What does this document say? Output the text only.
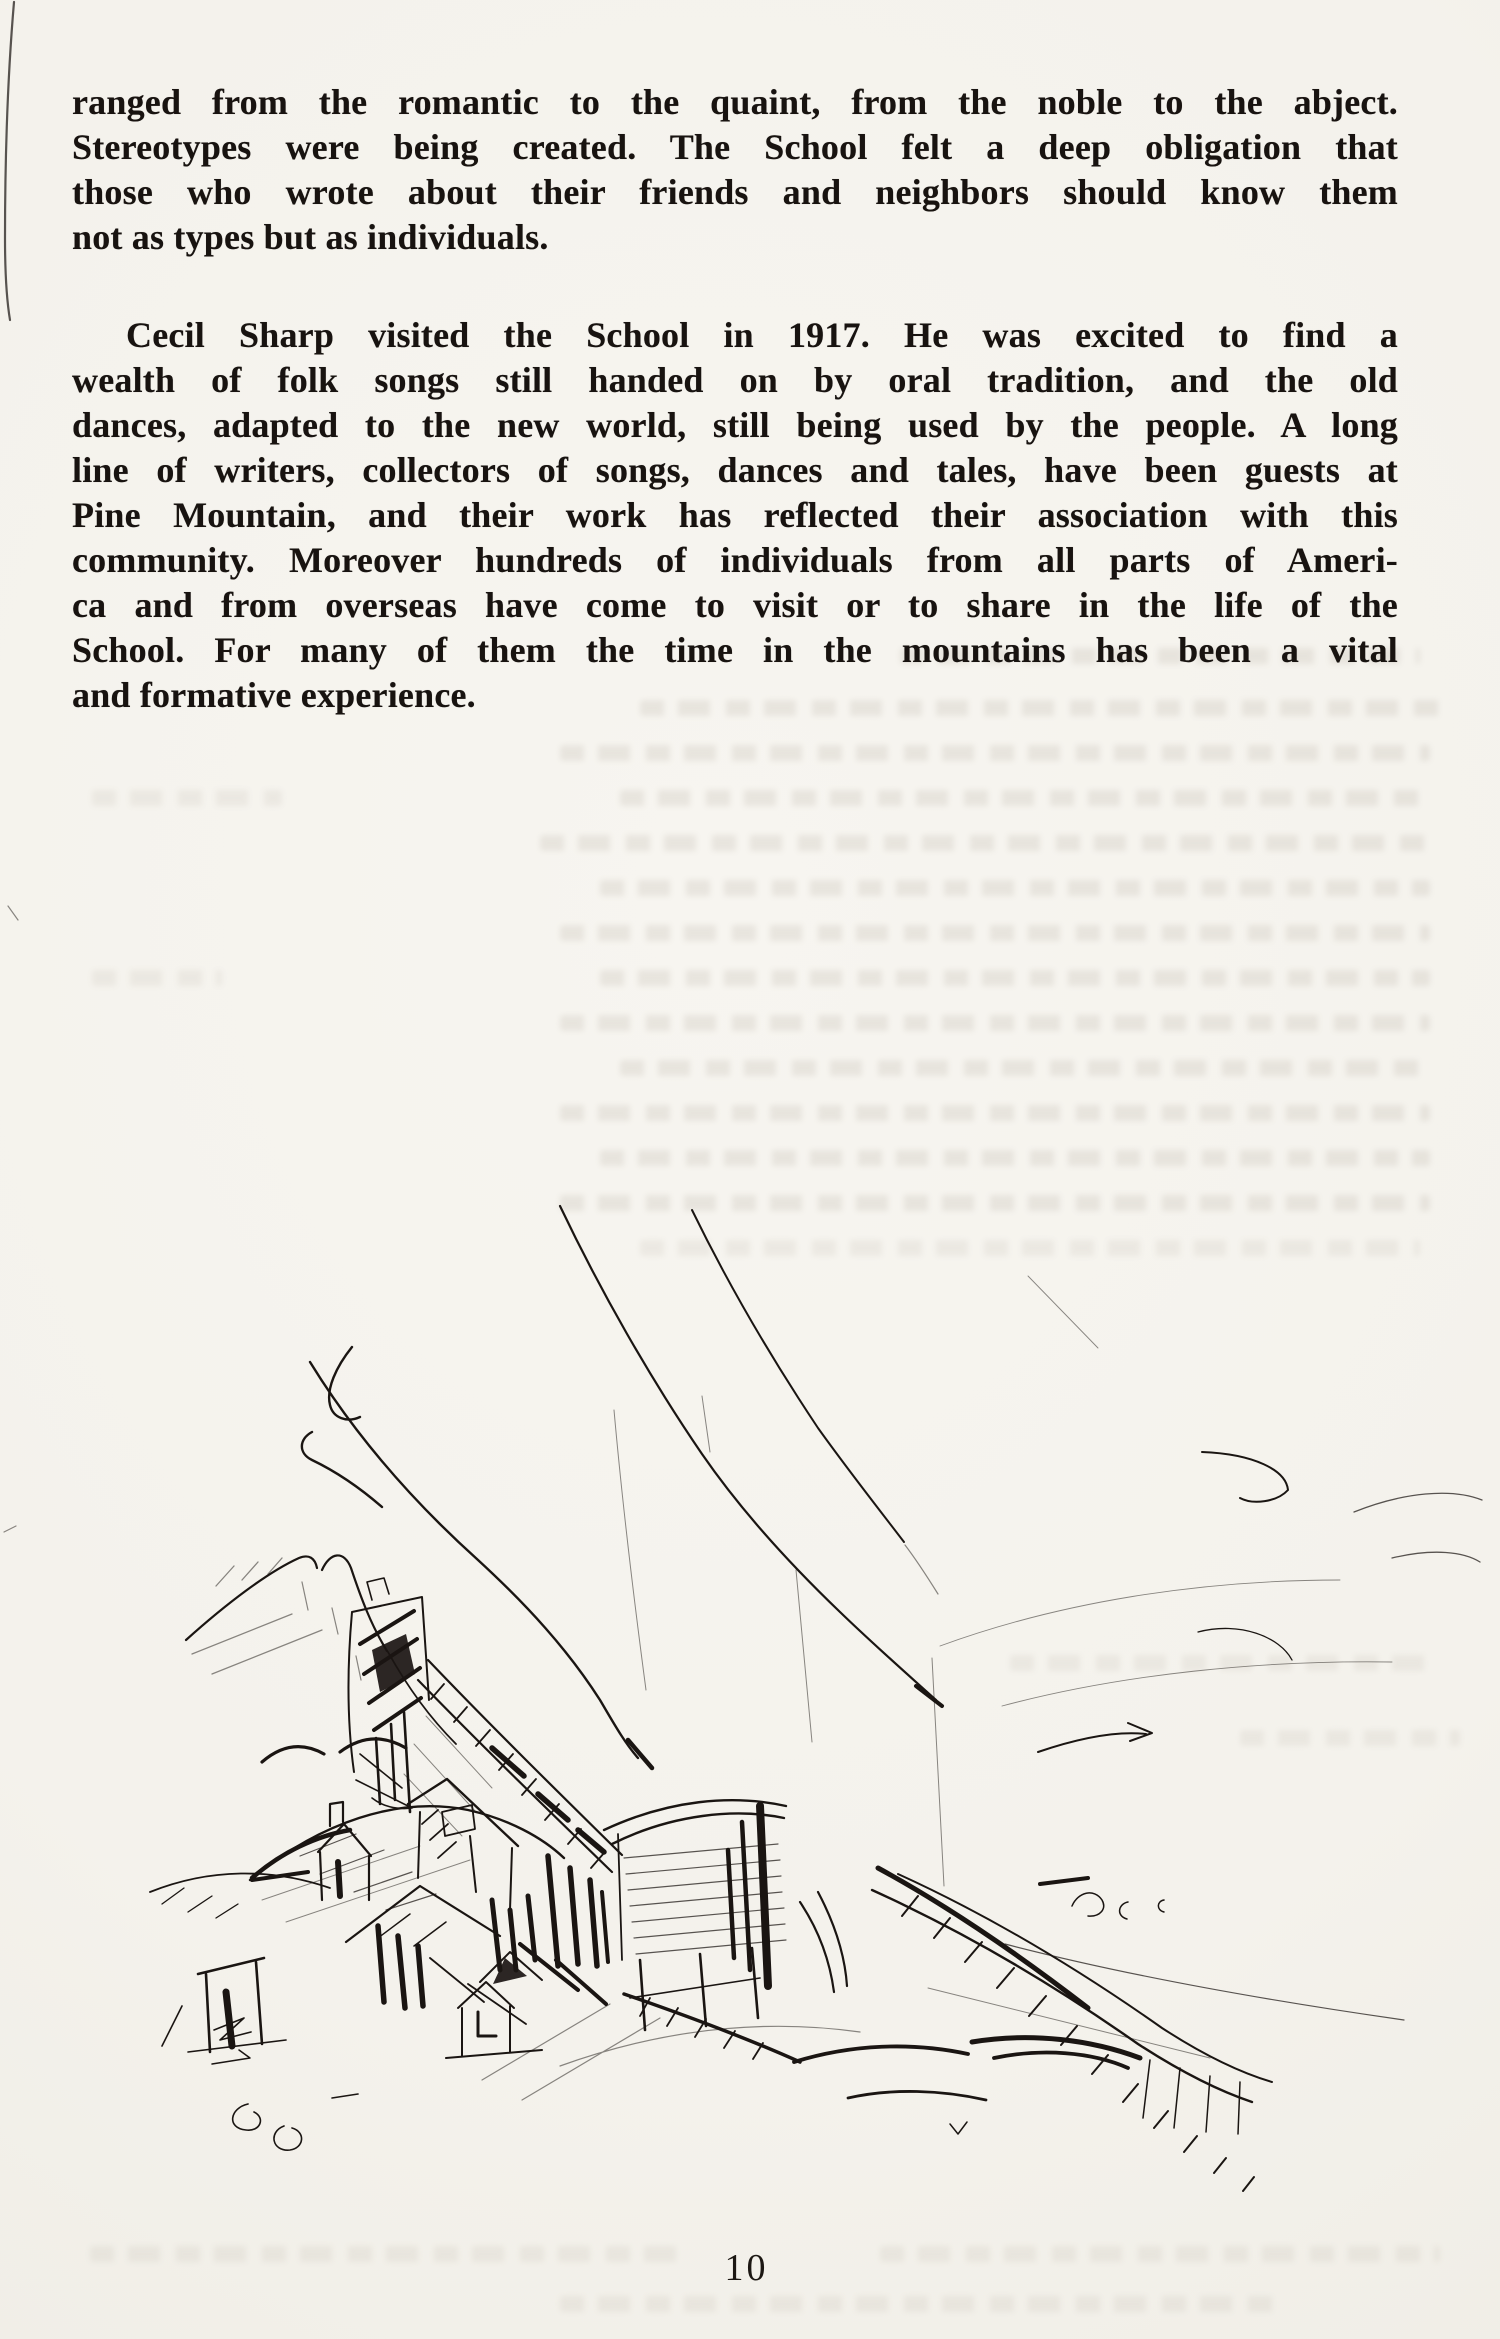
ranged from the romantic to the quaint, from the noble to the abject.
Stereotypes were being created. The School felt a deep obligation that
those who wrote about their friends and neighbors should know them
not as types but as individuals.
Cecil Sharp visited the School in 1917. He was excited to find a
wealth of folk songs still handed on by oral tradition, and the old
dances, adapted to the new world, still being used by the people. A long
line of writers, collectors of songs, dances and tales, have been guests at
Pine Mountain, and their work has reflected their association with this
community. Moreover hundreds of individuals from all parts of Ameri-
ca and from overseas have come to visit or to share in the life of the
School. For many of them the time in the mountains has been a vital
and formative experience.
10
